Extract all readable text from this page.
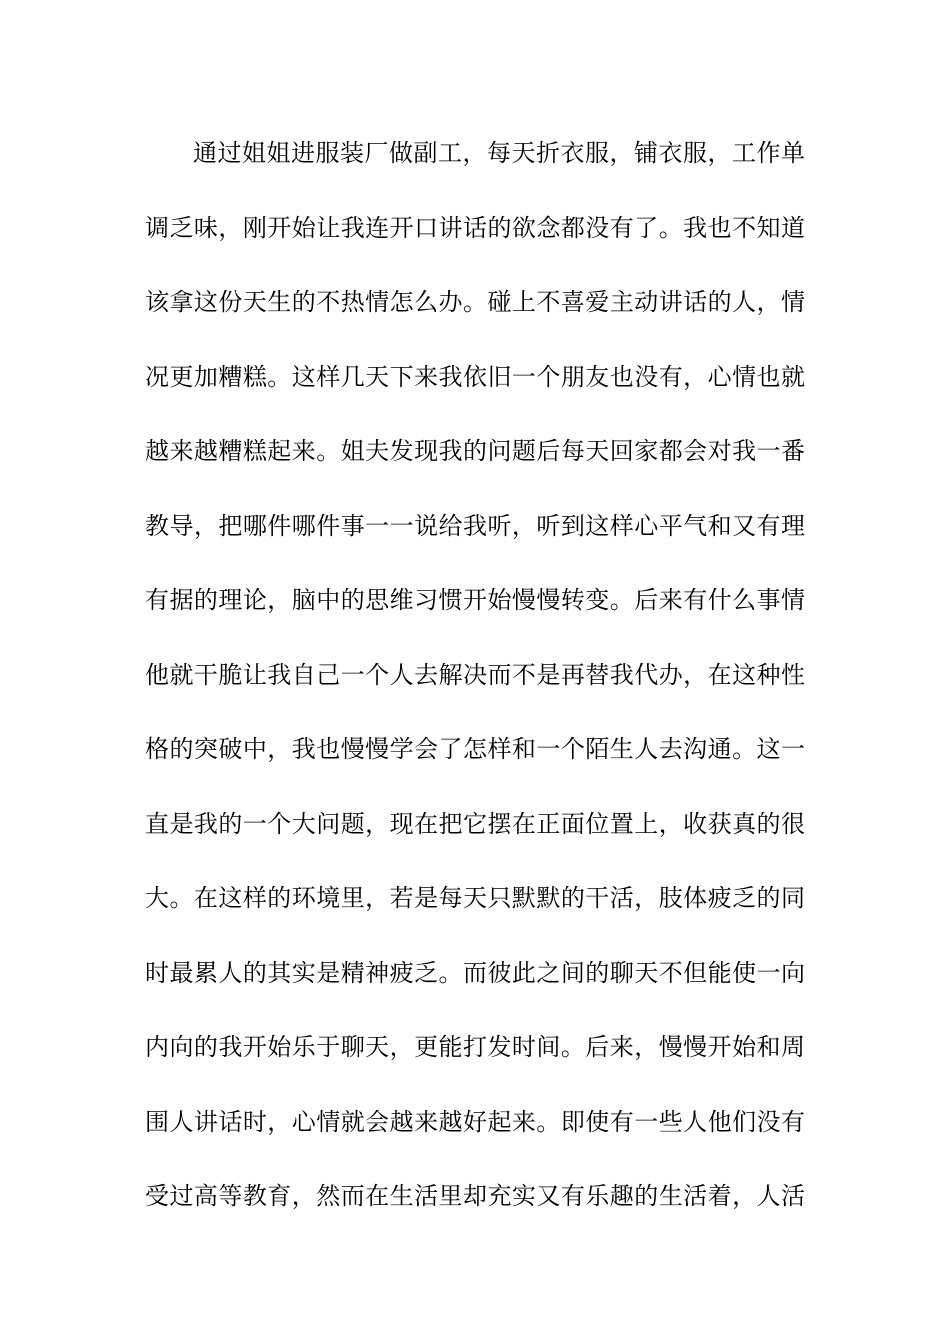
通过姐姐进服装厂做副工，每天折衣服，铺衣服，工作单
调乏味，刚开始让我连开口讲话的欲念都没有了。我也不知道
该拿这份天生的不热情怎么办。碰上不喜爱主动讲话的人，情
况更加糟糕。这样几天下来我依旧一个朋友也没有，心情也就
越来越糟糕起来。姐夫发现我的问题后每天回家都会对我一番
教导，把哪件哪件事一一说给我听，听到这样心平气和又有理
有据的理论，脑中的思维习惯开始慢慢转变。后来有什么事情
他就干脆让我自己一个人去解决而不是再替我代办，在这种性
格的突破中，我也慢慢学会了怎样和一个陌生人去沟通。这一
直是我的一个大问题，现在把它摆在正面位置上，收获真的很
大。在这样的环境里，若是每天只默默的干活，肢体疲乏的同
时最累人的其实是精神疲乏。而彼此之间的聊天不但能使一向
内向的我开始乐于聊天，更能打发时间。后来，慢慢开始和周
围人讲话时，心情就会越来越好起来。即使有一些人他们没有
受过高等教育，然而在生活里却充实又有乐趣的生活着，人活
